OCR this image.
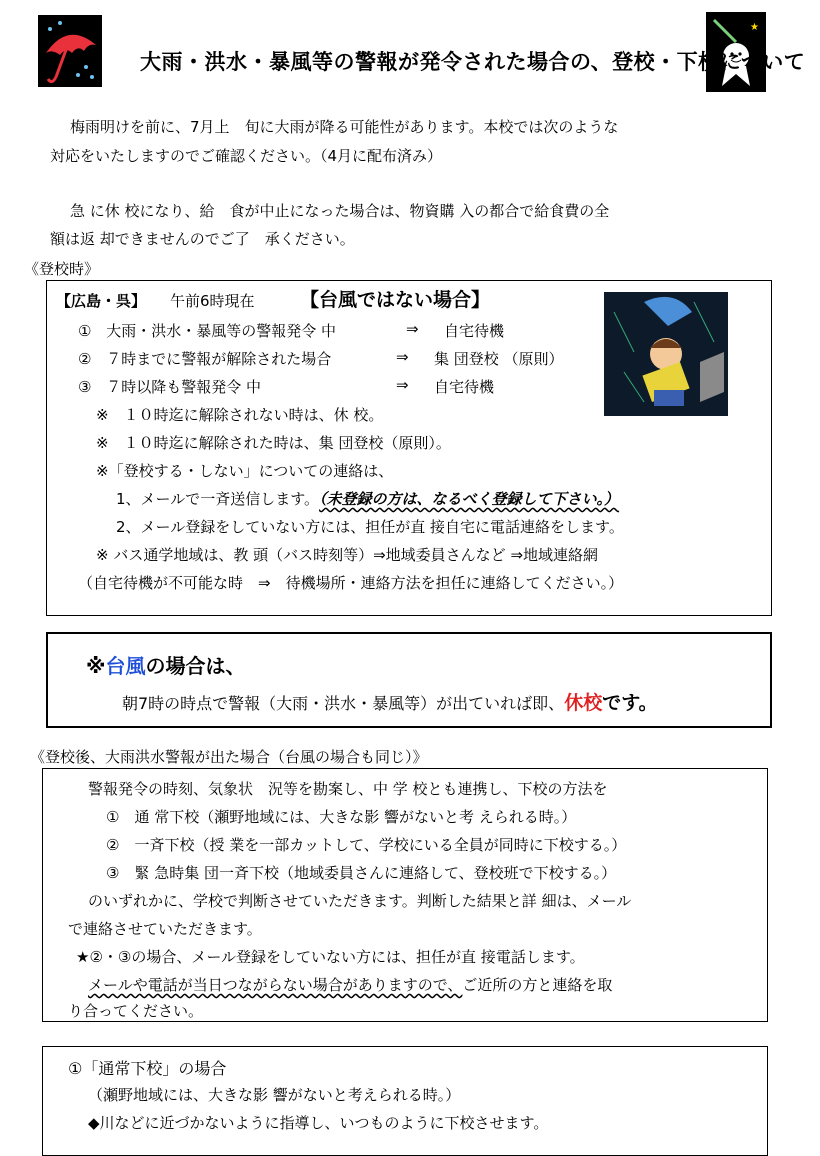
★
大雨・洪水・暴風等の警報が発令された場合の、登校・下校について
梅雨明けを前に、7月上　旬に大雨が降る可能性があります。本校では次のような
対応をいたしますのでご確認ください。（4月に配布済み）
急 に休 校になり、給　食が中止になった場合は、物資購 入の都合で給食費の全
額は返 却できませんのでご了　承ください。
《登校時》
【広島・呉】 午前6時現在 【台風ではない場合】
① 大雨・洪水・暴風等の警報発令 中	⇒ 自宅待機
② ７時までに警報が解除された場合	⇒ 集 団登校 （原則）
③ ７時以降も警報発令 中	⇒ 自宅待機
※　１０時迄に解除されない時は、休 校。
※　１０時迄に解除された時は、集 団登校（原則）。
※「登校する・しない」についての連絡は、
1、メールで一斉送信します。（未登録の方は、なるべく登録して下さい。）
2、メール登録をしていない方には、担任が直 接自宅に電話連絡をします。
※ バス通学地域は、教 頭（バス時刻等）⇒地域委員さんなど ⇒地域連絡網
（自宅待機が不可能な時　⇒　待機場所・連絡方法を担任に連絡してください。）
※台風の場合は、
朝7時の時点で警報（大雨・洪水・暴風等）が出ていれば即、休校です。
《登校後、大雨洪水警報が出た場合（台風の場合も同じ）》
警報発令の時刻、気象状　況等を勘案し、中 学 校とも連携し、下校の方法を
①　通 常下校（瀬野地域には、大きな影 響がないと考 えられる時。）
②　一斉下校（授 業を一部カットして、学校にいる全員が同時に下校する。）
③　緊 急時集 団一斉下校（地域委員さんに連絡して、登校班で下校する。）
のいずれかに、学校で判断させていただきます。判断した結果と詳 細は、メール
で連絡させていただきます。
★②・③の場合、メール登録をしていない方には、担任が直 接電話します。
メールや電話が当日つながらない場合がありますので、ご近所の方と連絡を取
り合ってください。
①「通常下校」の場合
（瀬野地域には、大きな影 響がないと考えられる時。）
◆川などに近づかないように指導し、いつものように下校させます。
